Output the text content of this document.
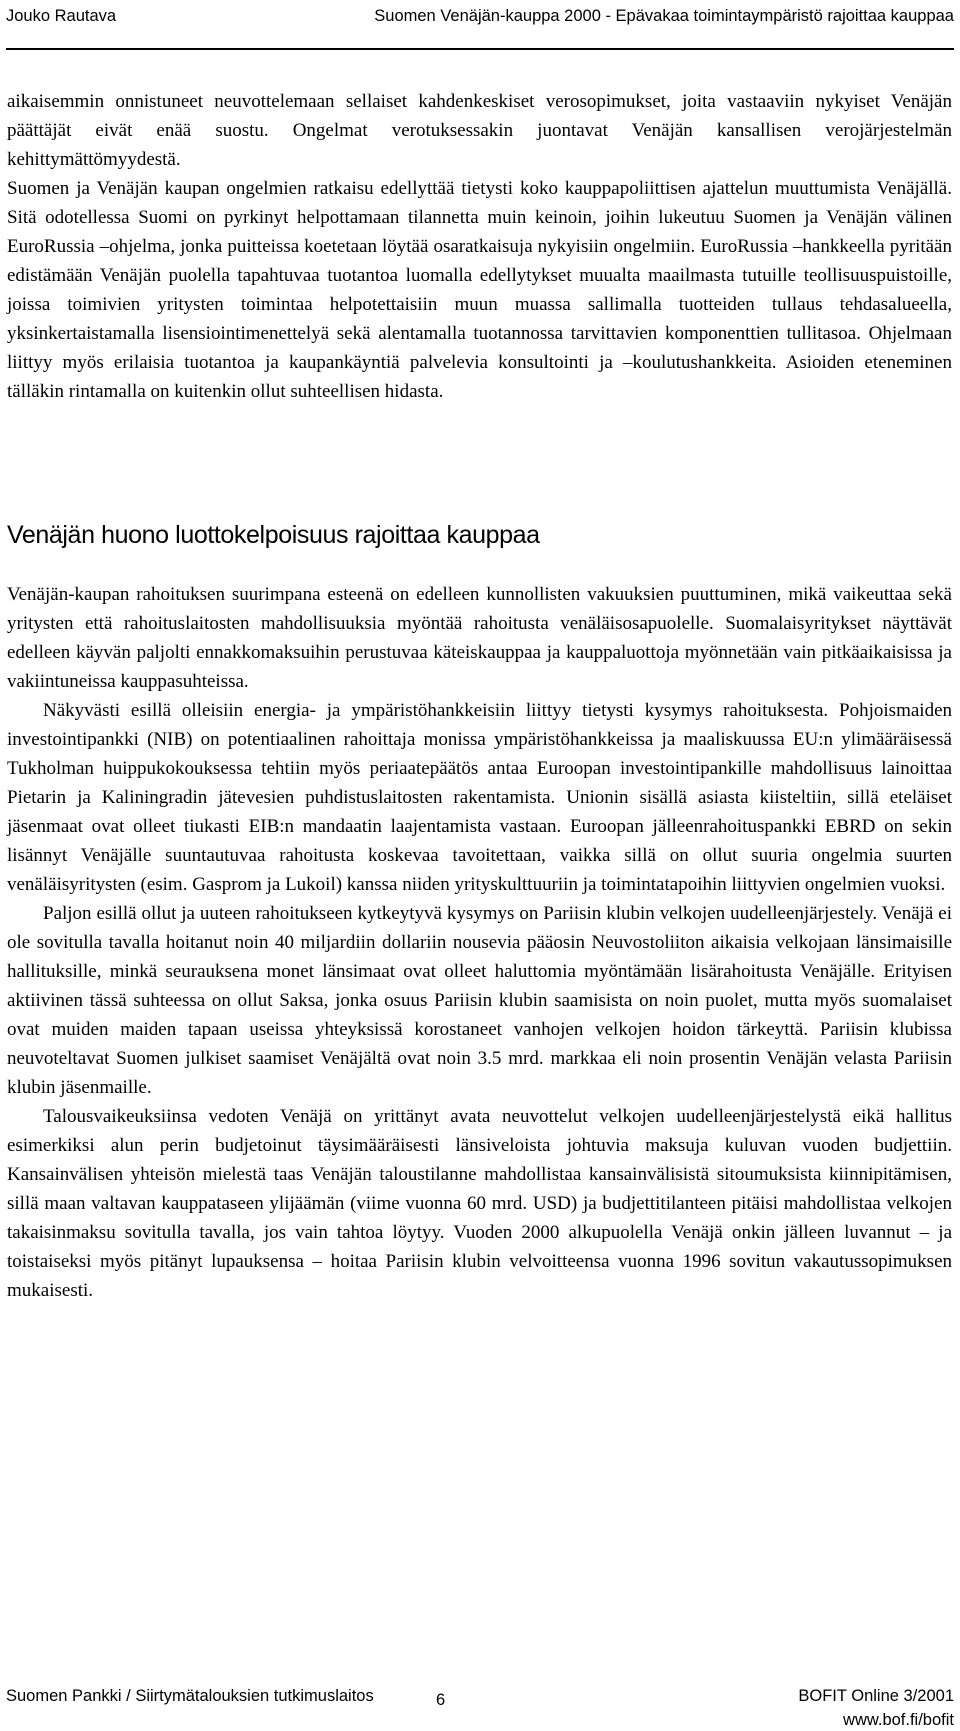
Jouko Rautava	Suomen Venäjän-kauppa 2000 - Epävakaa toimintaympäristö rajoittaa kauppaa

aikaisemmin onnistuneet neuvottelemaan sellaiset kahdenkeskiset verosopimukset, joita vastaaviin nykyiset Venäjän päättäjät eivät enää suostu. Ongelmat verotuksessakin juontavat Venäjän kansallisen verojärjestelmän kehittymättömyydestä.

Suomen ja Venäjän kaupan ongelmien ratkaisu edellyttää tietysti koko kauppapoliittisen ajattelun muuttumista Venäjällä. Sitä odotellessa Suomi on pyrkinyt helpottamaan tilannetta muin keinoin, joihin lukeutuu Suomen ja Venäjän välinen EuroRussia –ohjelma, jonka puitteissa koetetaan löytää osaratkaisuja nykyisiin ongelmiin. EuroRussia –hankkeella pyritään edistämään Venäjän puolella tapahtuvaa tuotantoa luomalla edellytykset muualta maailmasta tutuille teollisuuspuistoille, joissa toimivien yritysten toimintaa helpotettaisiin muun muassa sallimalla tuotteiden tullaus tehdasalueella, yksinkertaistamalla lisensiointimenettelyä sekä alentamalla tuotannossa tarvittavien komponenttien tullitasoa. Ohjelmaan liittyy myös erilaisia tuotantoa ja kaupankäyntiä palvelevia konsultointi ja –koulutushankkeita. Asioiden eteneminen tälläkin rintamalla on kuitenkin ollut suhteellisen hidasta.

Venäjän huono luottokelpoisuus rajoittaa kauppaa

Venäjän-kaupan rahoituksen suurimpana esteenä on edelleen kunnollisten vakuuksien puuttuminen, mikä vaikeuttaa sekä yritysten että rahoituslaitosten mahdollisuuksia myöntää rahoitusta venäläisosapuolelle. Suomalaisyritykset näyttävät edelleen käyvän paljolti ennakkomaksuihin perustuvaa käteiskauppaa ja kauppaluottoja myönnetään vain pitkäaikaisissa ja vakiintuneissa kauppasuhteissa.

Näkyvästi esillä olleisiin energia- ja ympäristöhankkeisiin liittyy tietysti kysymys rahoituksesta. Pohjoismaiden investointipankki (NIB) on potentiaalinen rahoittaja monissa ympäristöhankkeissa ja maaliskuussa EU:n ylimääräisessä Tukholman huippukokouksessa tehtiin myös periaatepäätös antaa Euroopan investointipankille mahdollisuus lainoittaa Pietarin ja Kaliningradin jätevesien puhdistuslaitosten rakentamista. Unionin sisällä asiasta kiisteltiin, sillä eteläiset jäsenmaat ovat olleet tiukasti EIB:n mandaatin laajentamista vastaan. Euroopan jälleenrahoituspankki EBRD on sekin lisännyt Venäjälle suuntautuvaa rahoitusta koskevaa tavoitettaan, vaikka sillä on ollut suuria ongelmia suurten venäläisyritysten (esim. Gasprom ja Lukoil) kanssa niiden yrityskulttuuriin ja toimintatapoihin liittyvien ongelmien vuoksi.

Paljon esillä ollut ja uuteen rahoitukseen kytkeytyvä kysymys on Pariisin klubin velkojen uudelleenjärjestely. Venäjä ei ole sovitulla tavalla hoitanut noin 40 miljardiin dollariin nousevia pääosin Neuvostoliiton aikaisia velkojaan länsimaisille hallituksille, minkä seurauksena monet länsimaat ovat olleet haluttomia myöntämään lisärahoitusta Venäjälle. Erityisen aktiivinen tässä suhteessa on ollut Saksa, jonka osuus Pariisin klubin saamisista on noin puolet, mutta myös suomalaiset ovat muiden maiden tapaan useissa yhteyksissä korostaneet vanhojen velkojen hoidon tärkeyttä. Pariisin klubissa neuvoteltavat Suomen julkiset saamiset Venäjältä ovat noin 3.5 mrd. markkaa eli noin prosentin Venäjän velasta Pariisin klubin jäsenmaille.

Talousvaikeuksiinsa vedoten Venäjä on yrittänyt avata neuvottelut velkojen uudelleenjärjestelystä eikä hallitus esimerkiksi alun perin budjetoinut täysimääräisesti länsiveloista johtuvia maksuja kuluvan vuoden budjettiin. Kansainvälisen yhteisön mielestä taas Venäjän taloustilanne mahdollistaa kansainvälisistä sitoumuksista kiinnipitämisen, sillä maan valtavan kauppataseen ylijäämän (viime vuonna 60 mrd. USD) ja budjettitilanteen pitäisi mahdollistaa velkojen takaisinmaksu sovitulla tavalla, jos vain tahtoa löytyy. Vuoden 2000 alkupuolella Venäjä onkin jälleen luvannut – ja toistaiseksi myös pitänyt lupauksensa – hoitaa Pariisin klubin velvoitteensa vuonna 1996 sovitun vakautussopimuksen mukaisesti.

Suomen Pankki / Siirtymätalouksien tutkimuslaitos	6	BOFIT Online 3/2001
www.bof.fi/bofit
